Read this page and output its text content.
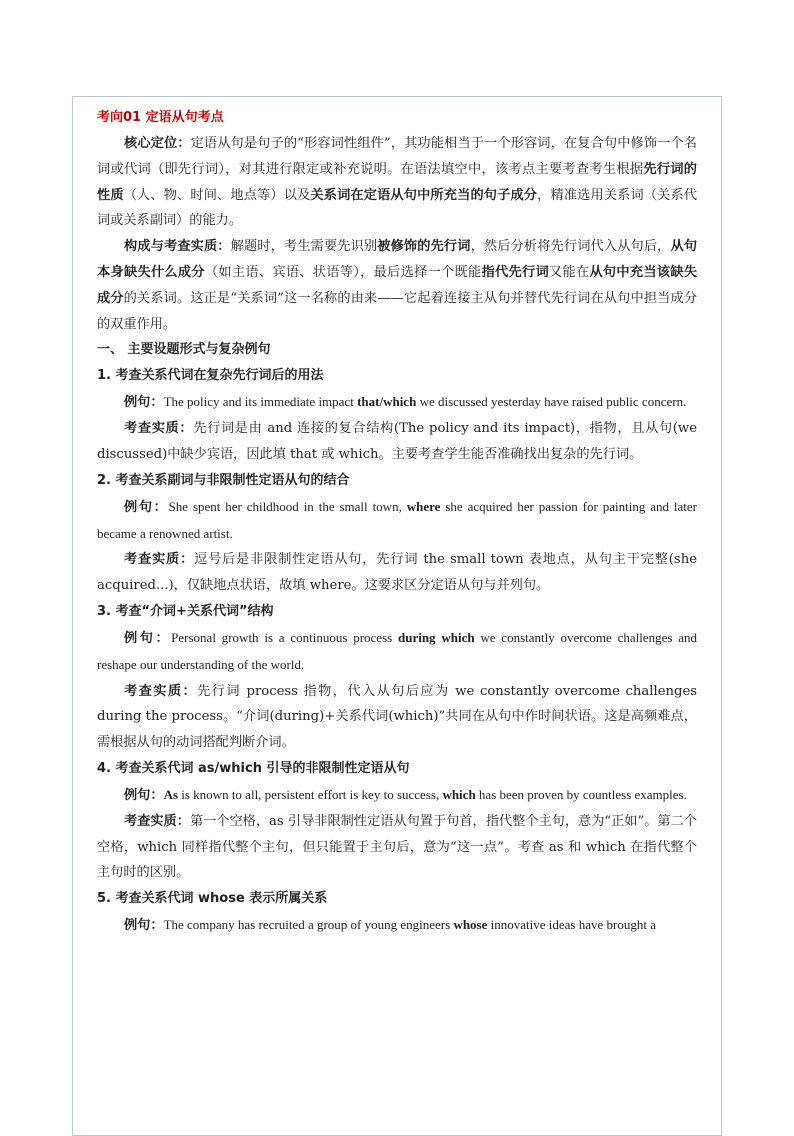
考向01 定语从句考点

核心定位：定语从句是句子的“形容词性组件”，其功能相当于一个形容词，在复合句中修饰一个名词或代词（即先行词），对其进行限定或补充说明。在语法填空中，该考点主要考查考生根据先行词的性质（人、物、时间、地点等）以及关系词在定语从句中所充当的句子成分，精准选用关系词（关系代词或关系副词）的能力。

构成与考查实质：解题时，考生需要先识别被修饰的先行词，然后分析将先行词代入从句后，从句本身缺失什么成分（如主语、宾语、状语等），最后选择一个既能指代先行词又能在从句中充当该缺失成分的关系词。这正是“关系词”这一名称的由来——它起着连接主从句并替代先行词在从句中担当成分的双重作用。

一、 主要设题形式与复杂例句

1. 考查关系代词在复杂先行词后的用法

例句：The policy and its immediate impact that/which we discussed yesterday have raised public concern.

考查实质：先行词是由 and 连接的复合结构(The policy and its impact)，指物，且从句(we discussed)中缺少宾语，因此填 that 或 which。主要考查学生能否准确找出复杂的先行词。

2. 考查关系副词与非限制性定语从句的结合

例句：She spent her childhood in the small town, where she acquired her passion for painting and later became a renowned artist.

考查实质：逗号后是非限制性定语从句，先行词 the small town 表地点，从句主干完整(she acquired...)，仅缺地点状语，故填 where。这要求区分定语从句与并列句。

3. 考查“介词+关系代词”结构

例句：Personal growth is a continuous process during which we constantly overcome challenges and reshape our understanding of the world.

考查实质：先行词 process 指物，代入从句后应为 we constantly overcome challenges during the process。“介词(during)+关系代词(which)”共同在从句中作时间状语。这是高频难点，需根据从句的动词搭配判断介词。

4. 考查关系代词 as/which 引导的非限制性定语从句

例句：As is known to all, persistent effort is key to success, which has been proven by countless examples.

考查实质：第一个空格，as 引导非限制性定语从句置于句首，指代整个主句，意为“正如”。第二个空格，which 同样指代整个主句，但只能置于主句后，意为“这一点”。考查 as 和 which 在指代整个主句时的区别。

5. 考查关系代词 whose 表示所属关系

例句：The company has recruited a group of young engineers whose innovative ideas have brought a
